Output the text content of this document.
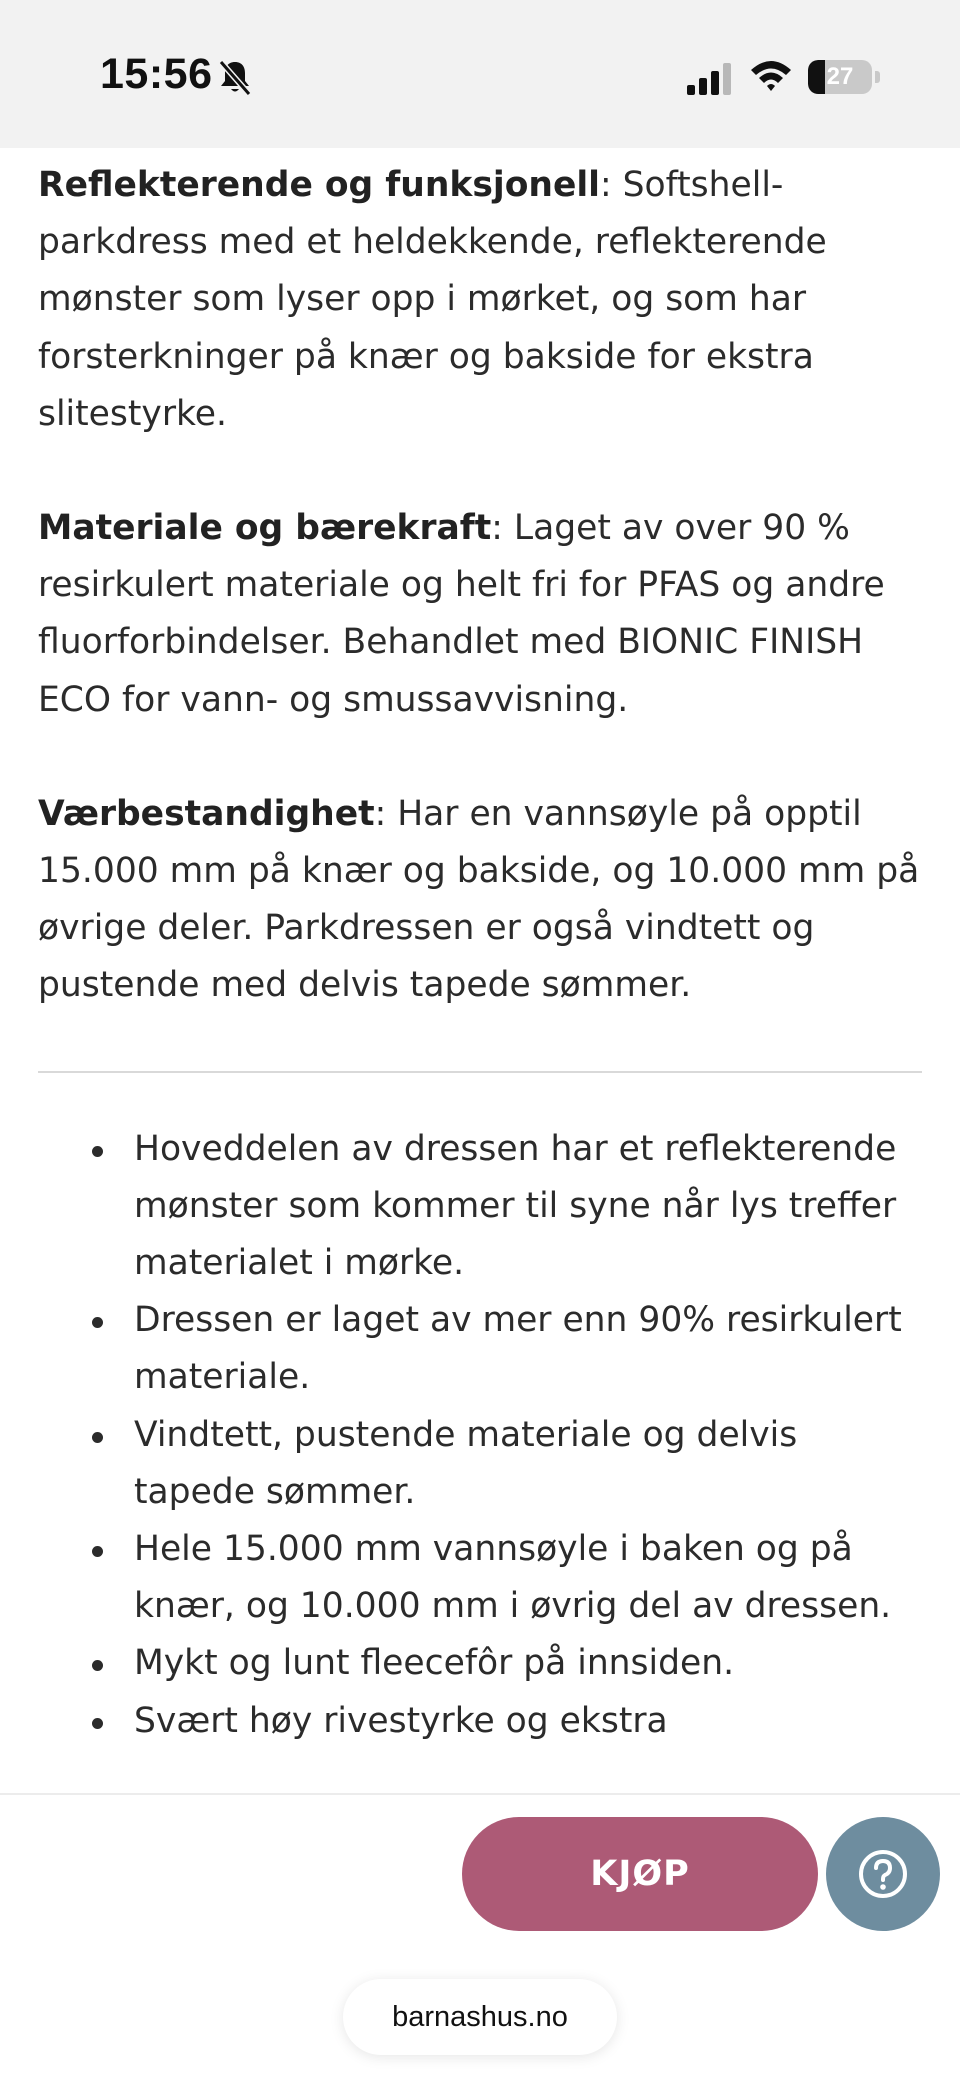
15:56	27

Reflekterende og funksjonell: Softshell-parkdress med et heldekkende, reflekterende mønster som lyser opp i mørket, og som har forsterkninger på knær og bakside for ekstra slitestyrke.

Materiale og bærekraft: Laget av over 90 % resirkulert materiale og helt fri for PFAS og andre fluorforbindelser. Behandlet med BIONIC FINISH ECO for vann- og smussavvisning.

Værbestandighet: Har en vannsøyle på opptil 15.000 mm på knær og bakside, og 10.000 mm på øvrige deler. Parkdressen er også vindtett og pustende med delvis tapede sømmer.

Hoveddelen av dressen har et reflekterende mønster som kommer til syne når lys treffer materialet i mørke.
Dressen er laget av mer enn 90% resirkulert materiale.
Vindtett, pustende materiale og delvis tapede sømmer.
Hele 15.000 mm vannsøyle i baken og på knær, og 10.000 mm i øvrig del av dressen.
Mykt og lunt fleecefôr på innsiden.
Svært høy rivestyrke og ekstra
KJØP
barnashus.no
